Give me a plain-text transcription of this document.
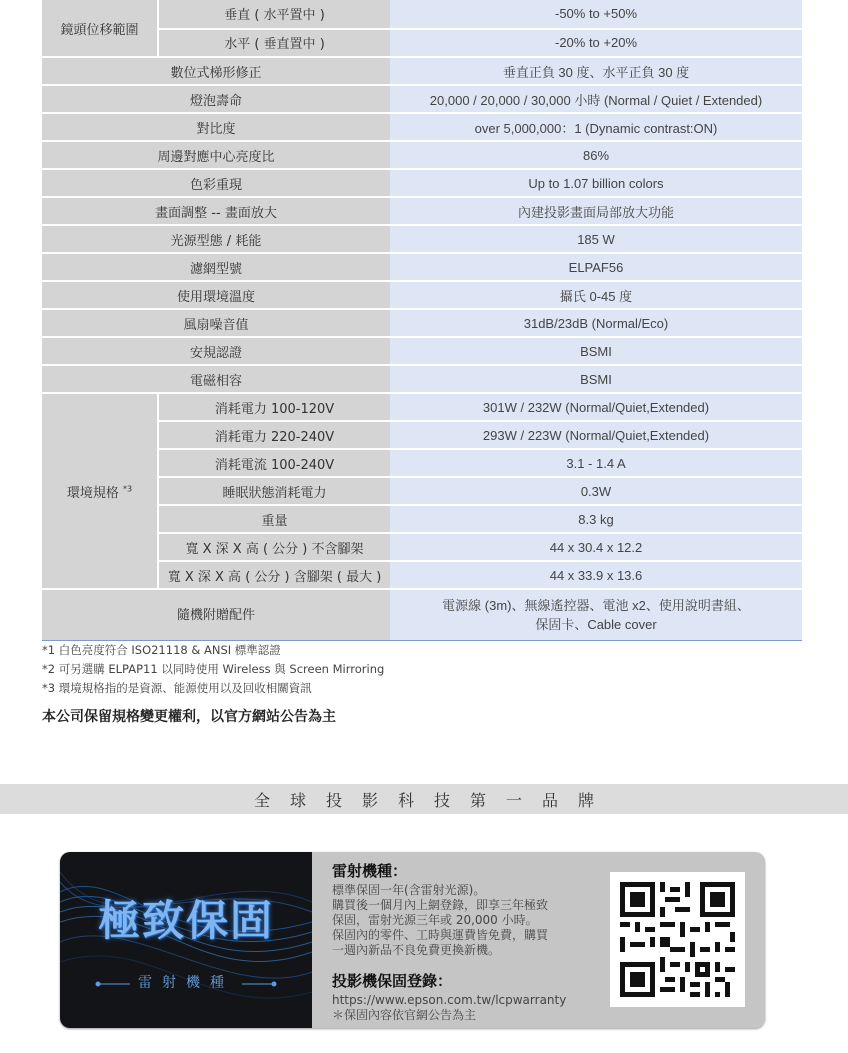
鏡頭位移範圍	垂直 ( 水平置中 )	-50% to +50%
	水平 ( 垂直置中 )	-20% to +20%
數位式梯形修正		垂直正負 30 度、水平正負 30 度
燈泡壽命		20,000 / 20,000 / 30,000 小時 (Normal / Quiet / Extended)
對比度		over 5,000,000：1 (Dynamic contrast:ON)
周邊對應中心亮度比		86%
色彩重現		Up to 1.07 billion colors
畫面調整 -- 畫面放大		內建投影畫面局部放大功能
光源型態 / 耗能		185 W
濾網型號		ELPAF56
使用環境溫度		攝氏 0-45 度
風扇噪音值		31dB/23dB (Normal/Eco)
安規認證		BSMI
電磁相容		BSMI
環境規格 $^{*3}$	消耗電力 100-120V	301W / 232W (Normal/Quiet,Extended)
	消耗電力 220-240V	293W / 223W (Normal/Quiet,Extended)
	消耗電流 100-240V	3.1 - 1.4 A
	睡眠狀態消耗電力	0.3W
	重量	8.3 kg
	寬 X 深 X 高 ( 公分 ) 不含腳架	44 x 30.4 x 12.2
	寬 X 深 X 高 ( 公分 ) 含腳架 ( 最大 )	44 x 33.9 x 13.6
隨機附贈配件		電源線 (3m)、無線遙控器、電池 x2、使用說明書組、
保固卡、Cable cover
*1 白色亮度符合 ISO21118 & ANSI 標準認證
*2 可另選購 ELPAP11 以同時使用 Wireless 與 Screen Mirroring
*3 環境規格指的是資源、能源使用以及回收相關資訊
本公司保留規格變更權利，以官方網站公告為主
全球投影科技第一品牌
極致保固
雷射機種
雷射機種：

標準保固一年(含雷射光源)。

購買後一個月內上網登錄，即享三年極致

保固，雷射光源三年或 20,000 小時。

保固內的零件、工時與運費皆免費，購買

一週內新品不良免費更換新機。

投影機保固登錄：

https://www.epson.com.tw/lcpwarranty

＊保固內容依官網公告為主
